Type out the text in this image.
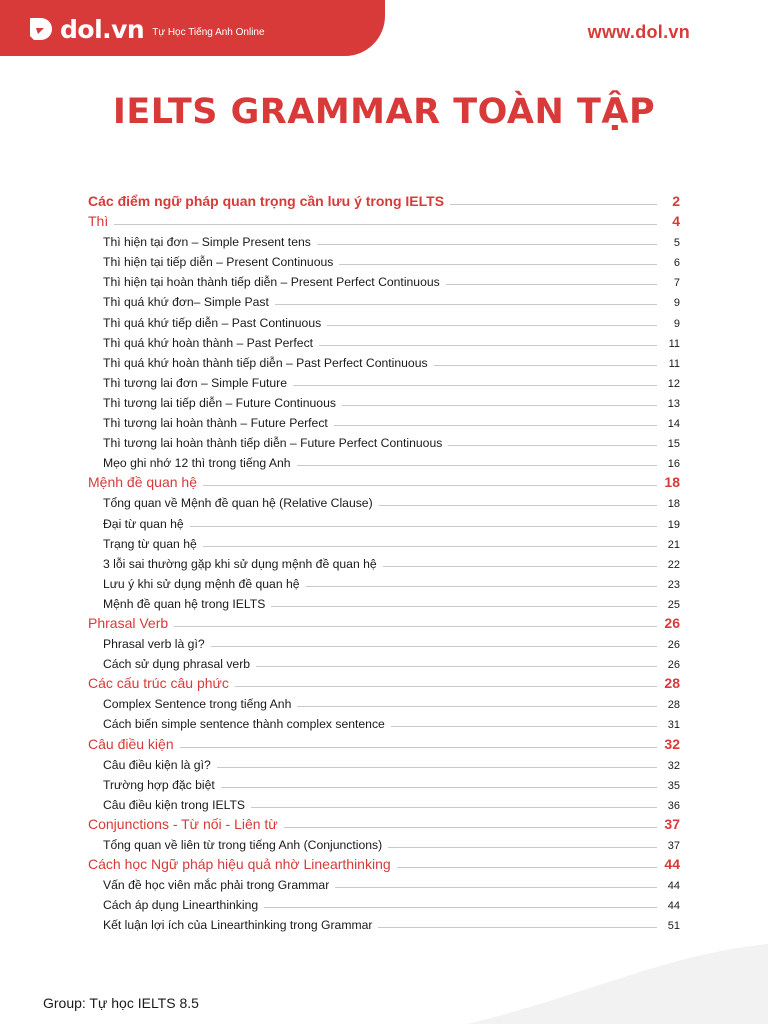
dol.vn Tự Học Tiếng Anh Online	www.dol.vn
IELTS GRAMMAR TOÀN TẬP
Các điểm ngữ pháp quan trọng cần lưu ý trong IELTS	2
Thì	4
Thì hiện tại đơn – Simple Present tens	5
Thì hiện tại tiếp diễn – Present Continuous	6
Thì hiện tại hoàn thành tiếp diễn – Present Perfect Continuous	7
Thì quá khứ đơn– Simple Past	9
Thì quá khứ tiếp diễn – Past Continuous	9
Thì quá khứ hoàn thành – Past Perfect	11
Thì quá khứ hoàn thành tiếp diễn – Past Perfect Continuous	11
Thì tương lai đơn – Simple Future	12
Thì tương lai tiếp diễn – Future Continuous	13
Thì tương lai hoàn thành – Future Perfect	14
Thì tương lai hoàn thành tiếp diễn – Future Perfect Continuous	15
Mẹo ghi nhớ 12 thì trong tiếng Anh	16
Mệnh đề quan hệ	18
Tổng quan về Mệnh đề quan hệ (Relative Clause)	18
Đại từ quan hệ	19
Trạng từ quan hệ	21
3 lỗi sai thường gặp khi sử dụng mệnh đề quan hệ	22
Lưu ý khi sử dụng mệnh đề quan hệ	23
Mệnh đề quan hệ trong IELTS	25
Phrasal Verb	26
Phrasal verb là gì?	26
Cách sử dụng phrasal verb	26
Các cấu trúc câu phức	28
Complex Sentence trong tiếng Anh	28
Cách biến simple sentence thành complex sentence	31
Câu điều kiện	32
Câu điều kiện là gì?	32
Trường hợp đặc biệt	35
Câu điều kiện trong IELTS	36
Conjunctions - Từ nối - Liên từ	37
Tổng quan về liên từ trong tiếng Anh (Conjunctions)	37
Cách học Ngữ pháp hiệu quả nhờ Linearthinking	44
Vấn đề học viên mắc phải trong Grammar	44
Cách áp dụng Linearthinking	44
Kết luận lợi ích của Linearthinking trong Grammar	51
Group: Tự học IELTS 8.5
